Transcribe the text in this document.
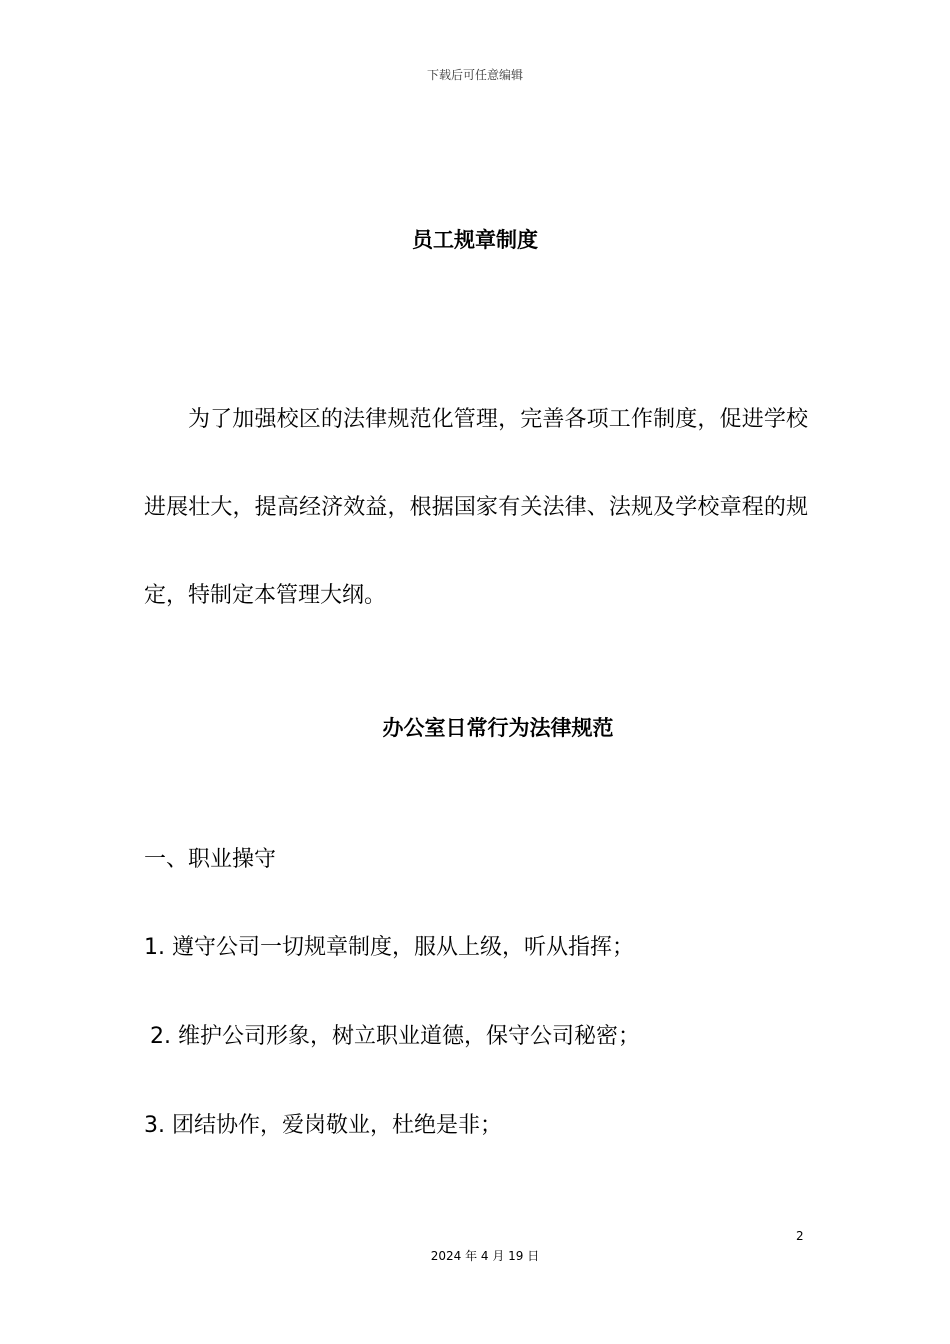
下载后可任意编辑
员工规章制度

为了加强校区的法律规范化管理，完善各项工作制度，促进学校进展壮大，提高经济效益，根据国家有关法律、法规及学校章程的规定，特制定本管理大纲。

办公室日常行为法律规范

一、职业操守

1. 遵守公司一切规章制度，服从上级，听从指挥；

2. 维护公司形象，树立职业道德，保守公司秘密；

3. 团结协作，爱岗敬业，杜绝是非；

2
2024 年 4 月 19 日
